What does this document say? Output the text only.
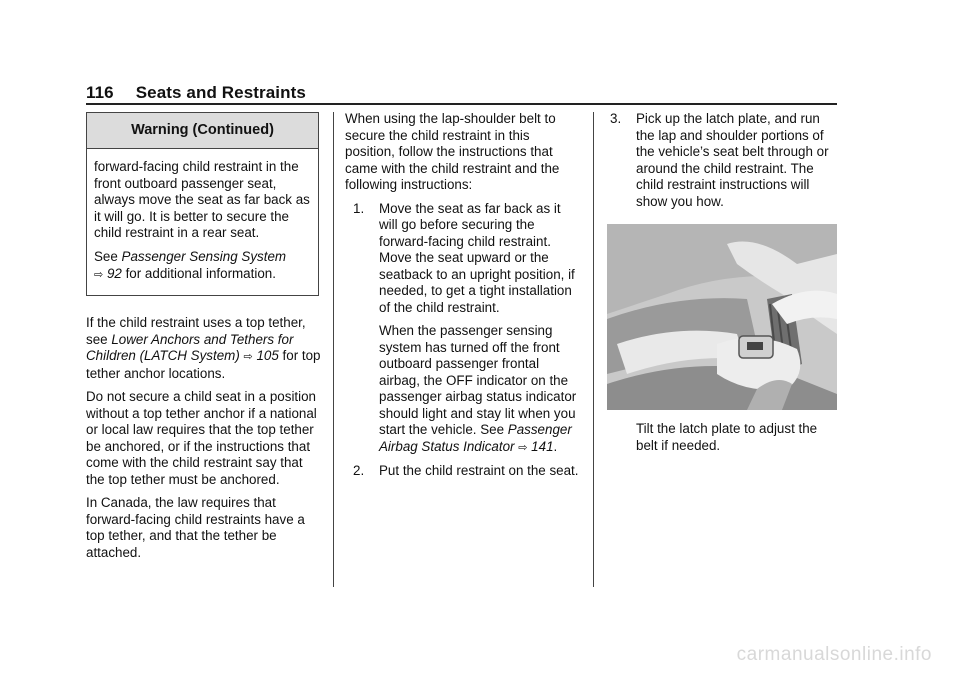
116 Seats and Restraints
Warning (Continued)

forward-facing child restraint in the front outboard passenger seat, always move the seat as far back as it will go. It is better to secure the child restraint in a rear seat.

See Passenger Sensing System
⇨ 92 for additional information.

If the child restraint uses a top tether, see Lower Anchors and Tethers for Children (LATCH System) ⇨ 105 for top tether anchor locations.

Do not secure a child seat in a position without a top tether anchor if a national or local law requires that the top tether be anchored, or if the instructions that come with the child restraint say that the top tether must be anchored.

In Canada, the law requires that forward-facing child restraints have a top tether, and that the tether be attached.

When using the lap-shoulder belt to secure the child restraint in this position, follow the instructions that came with the child restraint and the following instructions:

1. Move the seat as far back as it will go before securing the forward-facing child restraint. Move the seat upward or the seatback to an upright position, if needed, to get a tight installation of the child restraint.

When the passenger sensing system has turned off the front outboard passenger frontal airbag, the OFF indicator on the passenger airbag status indicator should light and stay lit when you start the vehicle. See Passenger Airbag Status Indicator ⇨ 141.

2. Put the child restraint on the seat.

3. Pick up the latch plate, and run the lap and shoulder portions of the vehicle’s seat belt through or around the child restraint. The child restraint instructions will show you how.

Tilt the latch plate to adjust the belt if needed.
carmanualsonline.info
